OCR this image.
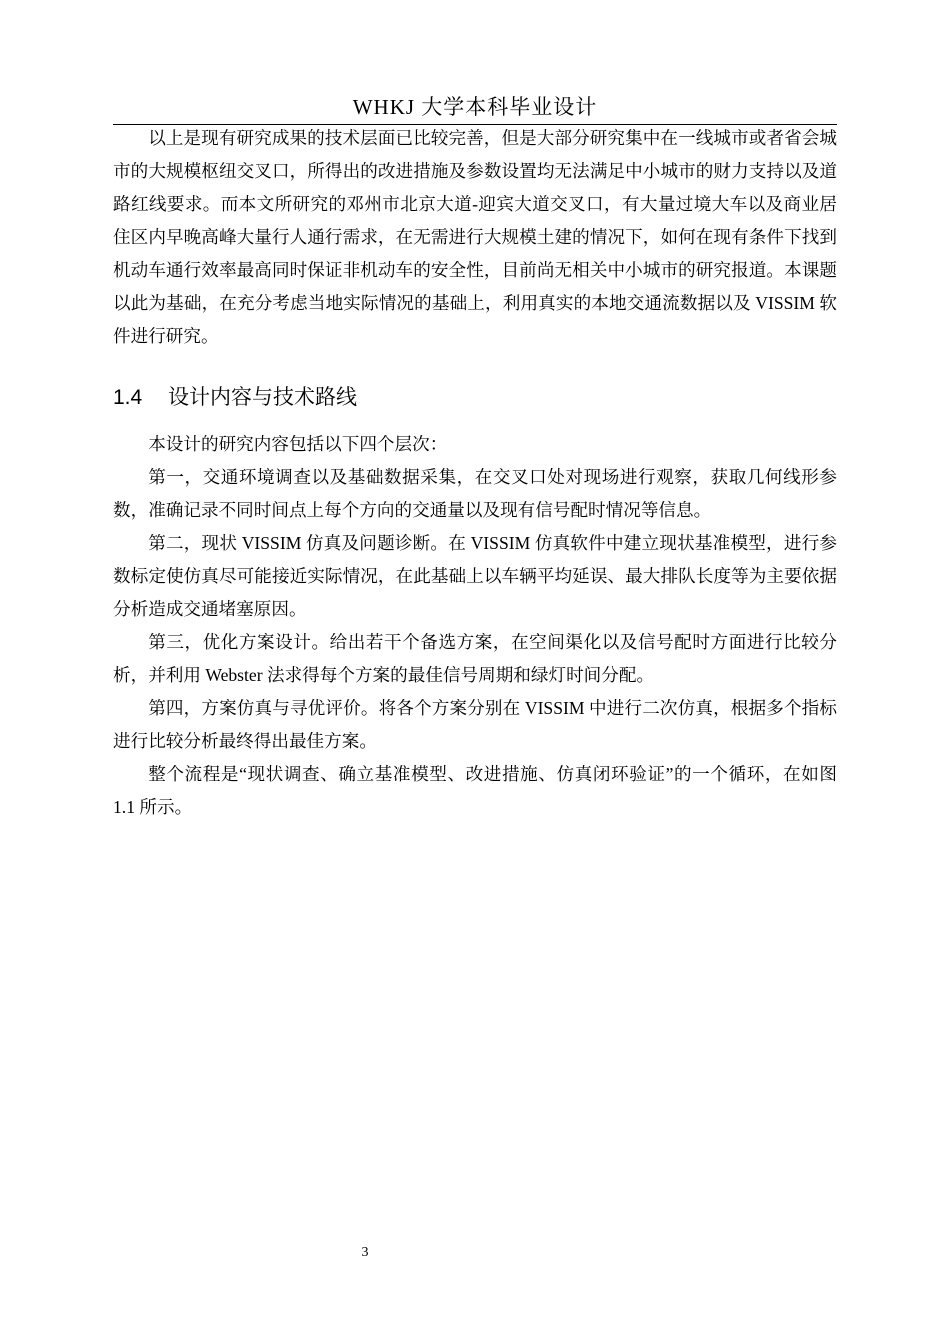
WHKJ 大学本科毕业设计

以上是现有研究成果的技术层面已比较完善，但是大部分研究集中在一线城市或者省会城市的大规模枢纽交叉口，所得出的改进措施及参数设置均无法满足中小城市的财力支持以及道路红线要求。而本文所研究的邓州市北京大道-迎宾大道交叉口，有大量过境大车以及商业居住区内早晚高峰大量行人通行需求，在无需进行大规模土建的情况下，如何在现有条件下找到机动车通行效率最高同时保证非机动车的安全性，目前尚无相关中小城市的研究报道。本课题以此为基础，在充分考虑当地实际情况的基础上，利用真实的本地交通流数据以及 VISSIM 软件进行研究。

1.4 设计内容与技术路线

本设计的研究内容包括以下四个层次：

第一，交通环境调查以及基础数据采集，在交叉口处对现场进行观察，获取几何线形参数，准确记录不同时间点上每个方向的交通量以及现有信号配时情况等信息。

第二，现状 VISSIM 仿真及问题诊断。在 VISSIM 仿真软件中建立现状基准模型，进行参数标定使仿真尽可能接近实际情况，在此基础上以车辆平均延误、最大排队长度等为主要依据分析造成交通堵塞原因。

第三，优化方案设计。给出若干个备选方案，在空间渠化以及信号配时方面进行比较分析，并利用 Webster 法求得每个方案的最佳信号周期和绿灯时间分配。

第四，方案仿真与寻优评价。将各个方案分别在 VISSIM 中进行二次仿真，根据多个指标进行比较分析最终得出最佳方案。

整个流程是“现状调查、确立基准模型、改进措施、仿真闭环验证”的一个循环，在如图 1.1 所示。

3
